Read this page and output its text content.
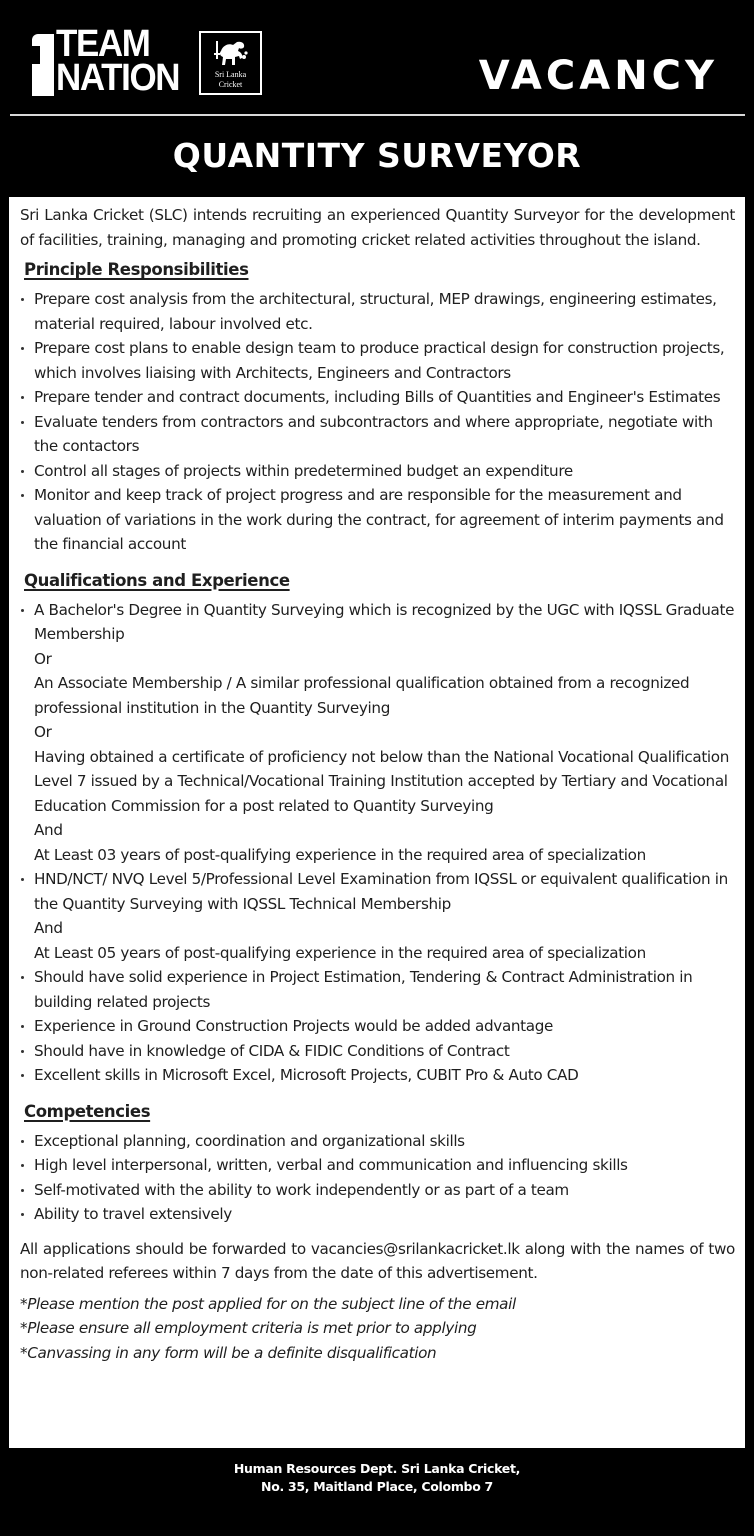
TEAM
NATION	Sri Lanka
Cricket	VACANCY
QUANTITY SURVEYOR

Sri Lanka Cricket (SLC) intends recruiting an experienced Quantity Surveyor for the development of facilities, training, managing and promoting cricket related activities throughout the island.

Principle Responsibilities
Prepare cost analysis from the architectural, structural, MEP drawings, engineering estimates, material required, labour involved etc.
Prepare cost plans to enable design team to produce practical design for construction projects, which involves liaising with Architects, Engineers and Contractors
Prepare tender and contract documents, including Bills of Quantities and Engineer's Estimates
Evaluate tenders from contractors and subcontractors and where appropriate, negotiate with the contactors
Control all stages of projects within predetermined budget an expenditure
Monitor and keep track of project progress and are responsible for the measurement and valuation of variations in the work during the contract, for agreement of interim payments and the financial account
Qualifications and Experience
A Bachelor's Degree in Quantity Surveying which is recognized by the UGC with IQSSL Graduate Membership
Or
An Associate Membership / A similar professional qualification obtained from a recognized professional institution in the Quantity Surveying
Or
Having obtained a certificate of proficiency not below than the National Vocational Qualification Level 7 issued by a Technical/Vocational Training Institution accepted by Tertiary and Vocational Education Commission for a post related to Quantity Surveying
And
At Least 03 years of post-qualifying experience in the required area of specialization
HND/NCT/ NVQ Level 5/Professional Level Examination from IQSSL or equivalent qualification in the Quantity Surveying with IQSSL Technical Membership
And
At Least 05 years of post-qualifying experience in the required area of specialization
Should have solid experience in Project Estimation, Tendering & Contract Administration in building related projects
Experience in Ground Construction Projects would be added advantage
Should have in knowledge of CIDA & FIDIC Conditions of Contract
Excellent skills in Microsoft Excel, Microsoft Projects, CUBIT Pro & Auto CAD
Competencies
Exceptional planning, coordination and organizational skills
High level interpersonal, written, verbal and communication and influencing skills
Self-motivated with the ability to work independently or as part of a team
Ability to travel extensively

All applications should be forwarded to vacancies@srilankacricket.lk along with the names of two non-related referees within 7 days from the date of this advertisement.

*Please mention the post applied for on the subject line of the email
*Please ensure all employment criteria is met prior to applying
*Canvassing in any form will be a definite disqualification
Human Resources Dept. Sri Lanka Cricket,
No. 35, Maitland Place, Colombo 7
